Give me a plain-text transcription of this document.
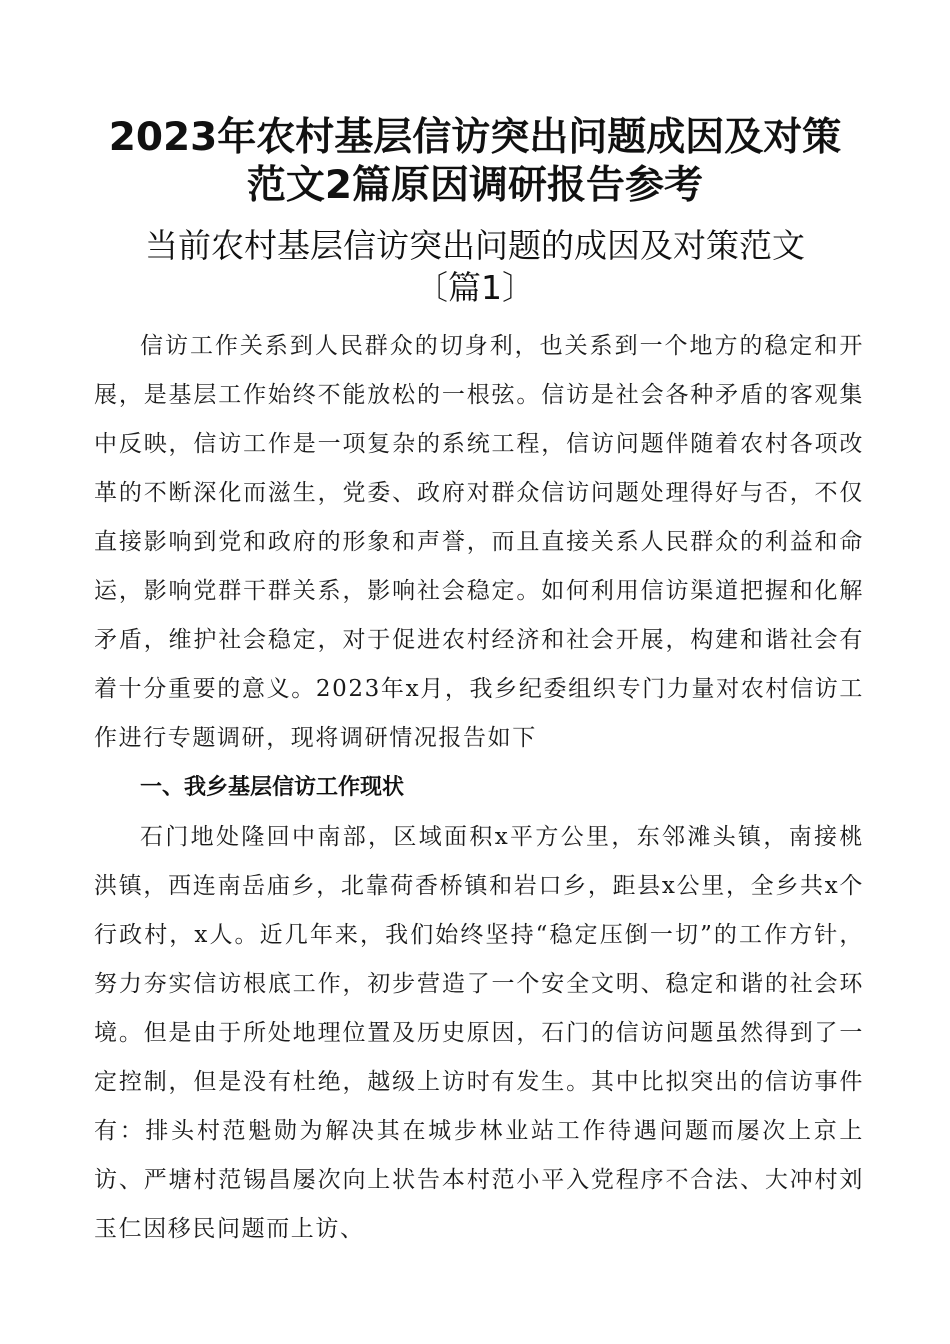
2023年农村基层信访突出问题成因及对策
范文2篇原因调研报告参考
当前农村基层信访突出问题的成因及对策范文
〔篇1〕

信访工作关系到人民群众的切身利，也关系到一个地方的稳定和开展，是基层工作始终不能放松的一根弦。信访是社会各种矛盾的客观集中反映，信访工作是一项复杂的系统工程，信访问题伴随着农村各项改革的不断深化而滋生，党委、政府对群众信访问题处理得好与否，不仅直接影响到党和政府的形象和声誉，而且直接关系人民群众的利益和命运，影响党群干群关系，影响社会稳定。如何利用信访渠道把握和化解矛盾，维护社会稳定，对于促进农村经济和社会开展，构建和谐社会有着十分重要的意义。2023年x月，我乡纪委组织专门力量对农村信访工作进行专题调研，现将调研情况报告如下

一、我乡基层信访工作现状

石门地处隆回中南部，区域面积x平方公里，东邻滩头镇，南接桃洪镇，西连南岳庙乡，北靠荷香桥镇和岩口乡，距县x公里，全乡共x个行政村，x人。近几年来，我们始终坚持“稳定压倒一切”的工作方针，努力夯实信访根底工作，初步营造了一个安全文明、稳定和谐的社会环境。但是由于所处地理位置及历史原因，石门的信访问题虽然得到了一定控制，但是没有杜绝，越级上访时有发生。其中比拟突出的信访事件有：排头村范魁勋为解决其在城步林业站工作待遇问题而屡次上京上访、严塘村范锡昌屡次向上状告本村范小平入党程序不合法、大冲村刘玉仁因移民问题而上访、
